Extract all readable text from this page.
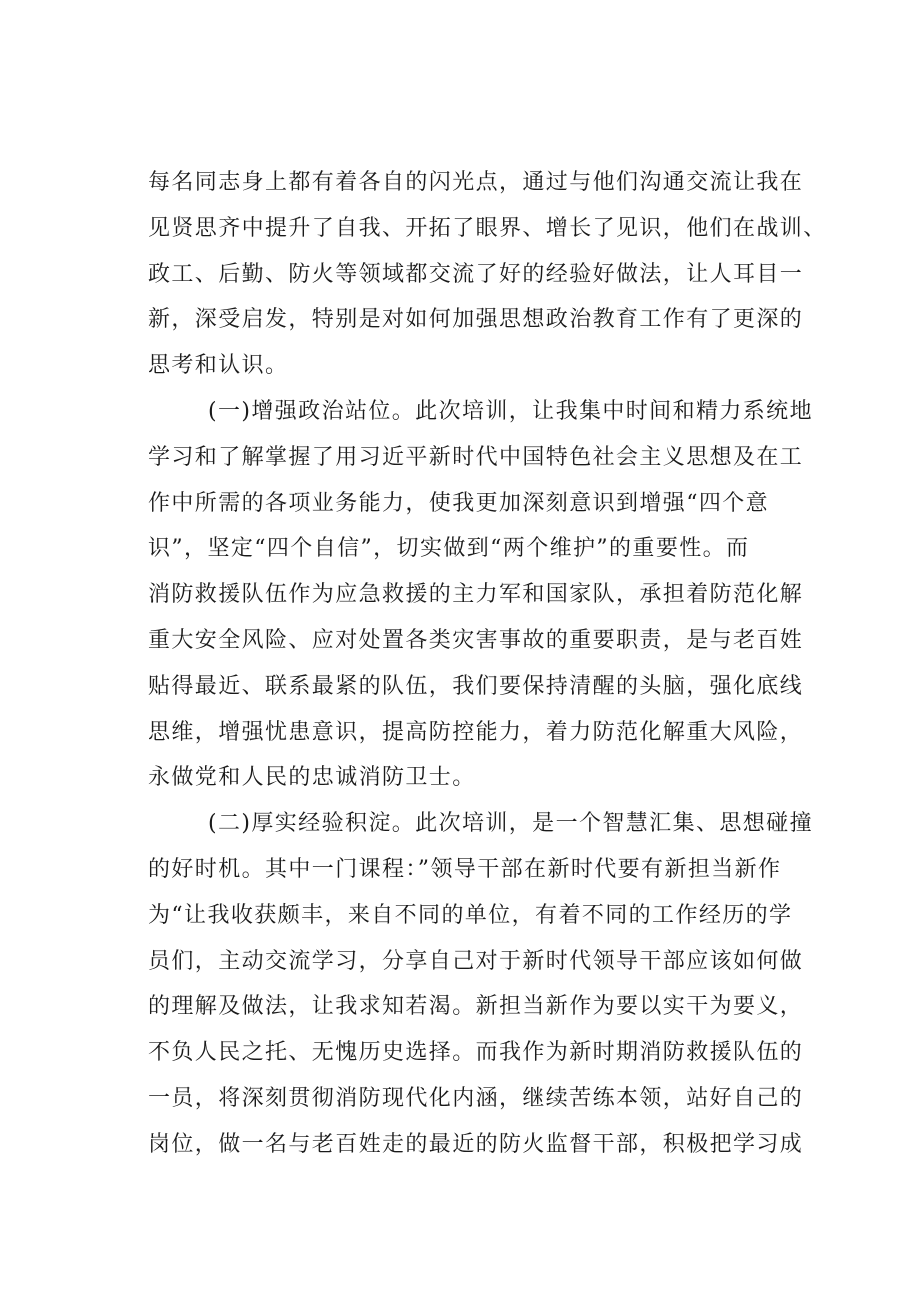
每名同志身上都有着各自的闪光点，通过与他们沟通交流让我在
见贤思齐中提升了自我、开拓了眼界、增长了见识，他们在战训、
政工、后勤、防火等领域都交流了好的经验好做法，让人耳目一
新，深受启发，特别是对如何加强思想政治教育工作有了更深的
思考和认识。
(一)增强政治站位。此次培训，让我集中时间和精力系统地
学习和了解掌握了用习近平新时代中国特色社会主义思想及在工
作中所需的各项业务能力，使我更加深刻意识到增强“四个意
识”，坚定“四个自信”，切实做到“两个维护”的重要性。而
消防救援队伍作为应急救援的主力军和国家队，承担着防范化解
重大安全风险、应对处置各类灾害事故的重要职责，是与老百姓
贴得最近、联系最紧的队伍，我们要保持清醒的头脑，强化底线
思维，增强忧患意识，提高防控能力，着力防范化解重大风险，
永做党和人民的忠诚消防卫士。
(二)厚实经验积淀。此次培训，是一个智慧汇集、思想碰撞
的好时机。其中一门课程：”领导干部在新时代要有新担当新作
为“让我收获颇丰，来自不同的单位，有着不同的工作经历的学
员们，主动交流学习，分享自己对于新时代领导干部应该如何做
的理解及做法，让我求知若渴。新担当新作为要以实干为要义，
不负人民之托、无愧历史选择。而我作为新时期消防救援队伍的
一员，将深刻贯彻消防现代化内涵，继续苦练本领，站好自己的
岗位，做一名与老百姓走的最近的防火监督干部，积极把学习成
